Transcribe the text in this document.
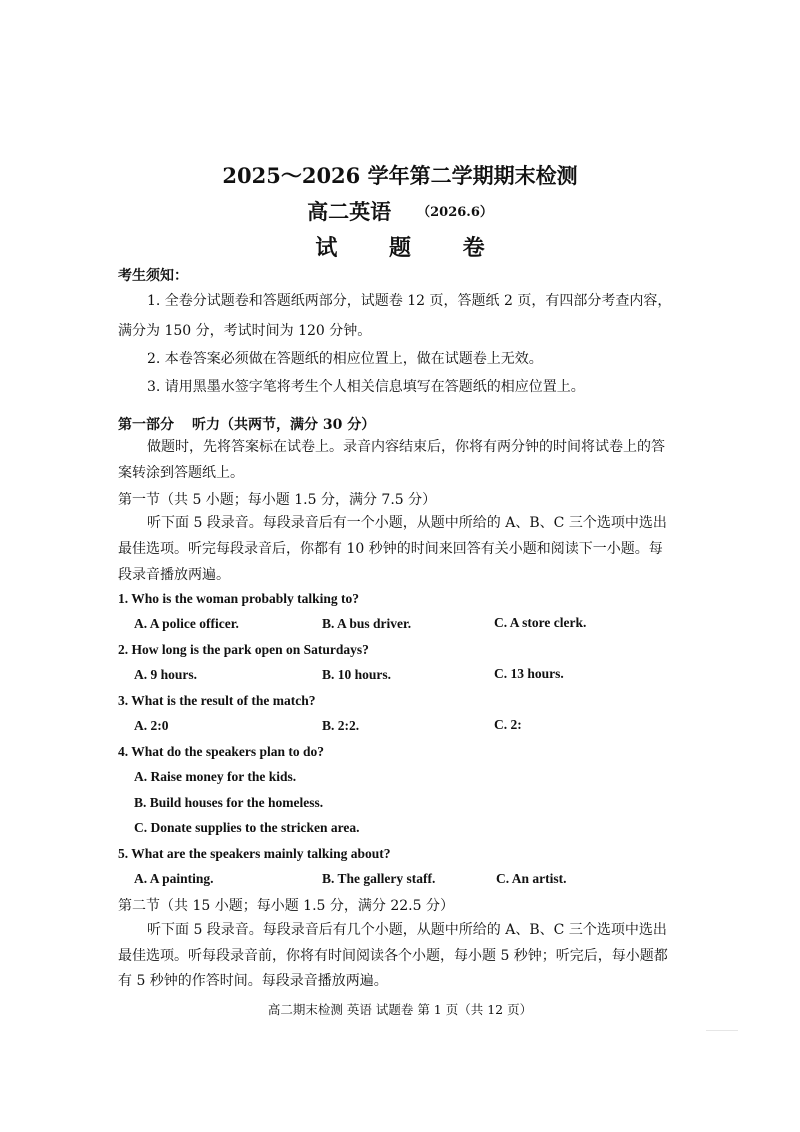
2025～2026 学年第二学期期末检测
高二英语 （2026.6）
试 题 卷
考生须知：
1. 全卷分试题卷和答题纸两部分，试题卷 12 页，答题纸 2 页，有四部分考查内容，
满分为 150 分，考试时间为 120 分钟。
2. 本卷答案必须做在答题纸的相应位置上，做在试题卷上无效。
3. 请用黑墨水签字笔将考生个人相关信息填写在答题纸的相应位置上。
第一部分 听力（共两节，满分 30 分）
做题时，先将答案标在试卷上。录音内容结束后，你将有两分钟的时间将试卷上的答
案转涂到答题纸上。
第一节（共 5 小题；每小题 1.5 分，满分 7.5 分）
听下面 5 段录音。每段录音后有一个小题，从题中所给的 A、B、C 三个选项中选出
最佳选项。听完每段录音后，你都有 10 秒钟的时间来回答有关小题和阅读下一小题。每
段录音播放两遍。
1. Who is the woman probably talking to?
A. A police officer.	B. A bus driver.	C. A store clerk.
2. How long is the park open on Saturdays?
A. 9 hours.	B. 10 hours.	C. 13 hours.
3. What is the result of the match?
A. 2:0	B. 2:2.	C. 2:
4. What do the speakers plan to do?
A. Raise money for the kids.
B. Build houses for the homeless.
C. Donate supplies to the stricken area.
5. What are the speakers mainly talking about?
A. A painting.	B. The gallery staff.	C. An artist.
第二节（共 15 小题；每小题 1.5 分，满分 22.5 分）
听下面 5 段录音。每段录音后有几个小题，从题中所给的 A、B、C 三个选项中选出
最佳选项。听每段录音前，你将有时间阅读各个小题，每小题 5 秒钟；听完后，每小题都
有 5 秒钟的作答时间。每段录音播放两遍。
高二期末检测 英语 试题卷 第 1 页（共 12 页）
